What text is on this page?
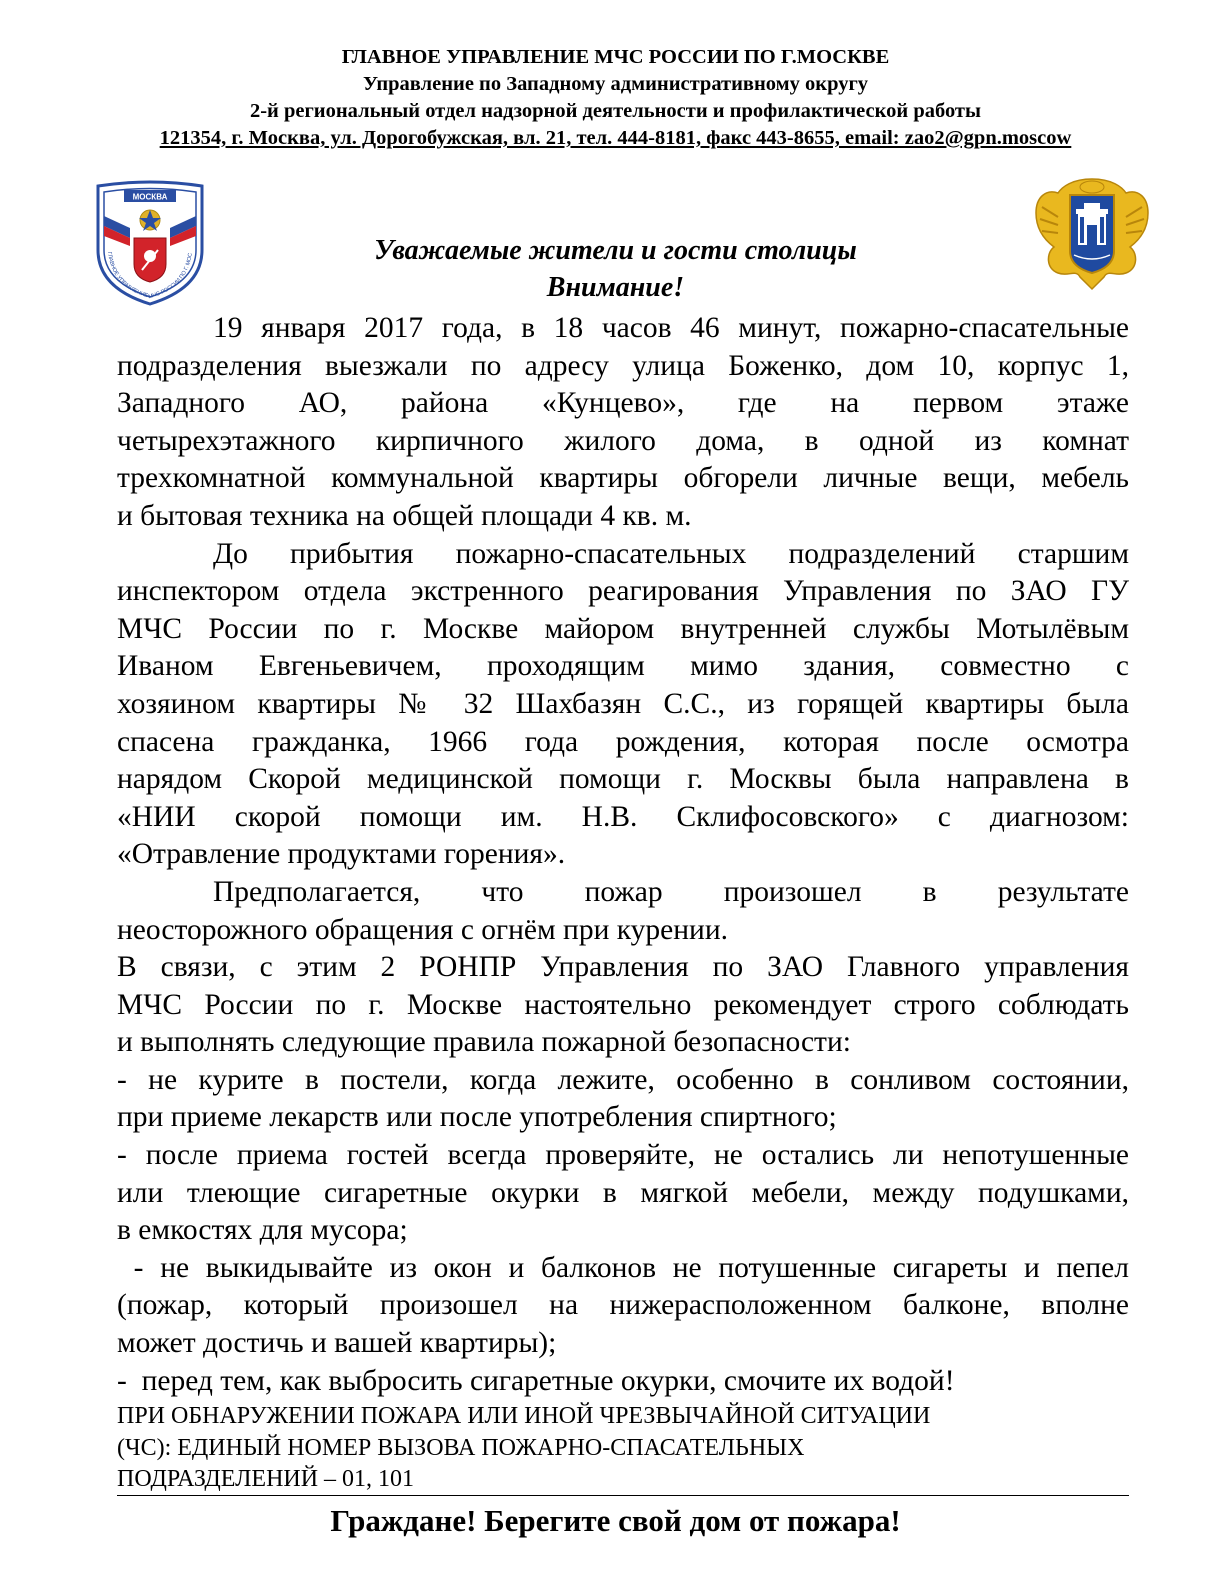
ГЛАВНОЕ УПРАВЛЕНИЕ МЧС РОССИИ ПО Г.МОСКВЕ
Управление по Западному административному округу
2-й региональный отдел надзорной деятельности и профилактической работы
121354, г. Москва, ул. Дорогобужская, вл. 21, тел. 444-8181, факс 443-8655, email: zao2@gpn.moscow
МОСКВА
ГЛАВНОЕ УПРАВЛЕНИЕ МЧС РОССИИ ПО Г. МОС	Уважаемые жители и гости столицы
Внимание!

19 января 2017 года, в 18 часов 46 минут, пожарно-спасательные
подразделения выезжали по адресу улица Боженко, дом 10, корпус 1,
Западного АО, района «Кунцево», где на первом этаже
четырехэтажного кирпичного жилого дома, в одной из комнат
трехкомнатной коммунальной квартиры обгорели личные вещи, мебель
и бытовая техника на общей площади 4 кв. м.

До прибытия пожарно-спасательных подразделений старшим
инспектором отдела экстренного реагирования Управления по ЗАО ГУ
МЧС России по г. Москве майором внутренней службы Мотылёвым
Иваном Евгеньевичем, проходящим мимо здания, совместно с
хозяином квартиры № 32 Шахбазян С.С., из горящей квартиры была
спасена гражданка, 1966 года рождения, которая после осмотра
нарядом Скорой медицинской помощи г. Москвы была направлена в
«НИИ скорой помощи им. Н.В. Склифосовского» с диагнозом:
«Отравление продуктами горения».

Предполагается, что пожар произошел в результате
неосторожного обращения с огнём при курении.

В связи, с этим 2 РОНПР Управления по ЗАО Главного управления
МЧС России по г. Москве настоятельно рекомендует строго соблюдать
и выполнять следующие правила пожарной безопасности:

- не курите в постели, когда лежите, особенно в сонливом состоянии,
при приеме лекарств или после употребления спиртного;

- после приема гостей всегда проверяйте, не остались ли непотушенные
или тлеющие сигаретные окурки в мягкой мебели, между подушками,
в емкостях для мусора;

- не выкидывайте из окон и балконов не потушенные сигареты и пепел
(пожар, который произошел на нижерасположенном балконе, вполне
может достичь и вашей квартиры);

-  перед тем, как выбросить сигаретные окурки, смочите их водой!

ПРИ ОБНАРУЖЕНИИ ПОЖАРА ИЛИ ИНОЙ ЧРЕЗВЫЧАЙНОЙ СИТУАЦИИ
(ЧС): ЕДИНЫЙ НОМЕР ВЫЗОВА ПОЖАРНО-СПАСАТЕЛЬНЫХ
ПОДРАЗДЕЛЕНИЙ – 01, 101
Граждане! Берегите свой дом от пожара!
